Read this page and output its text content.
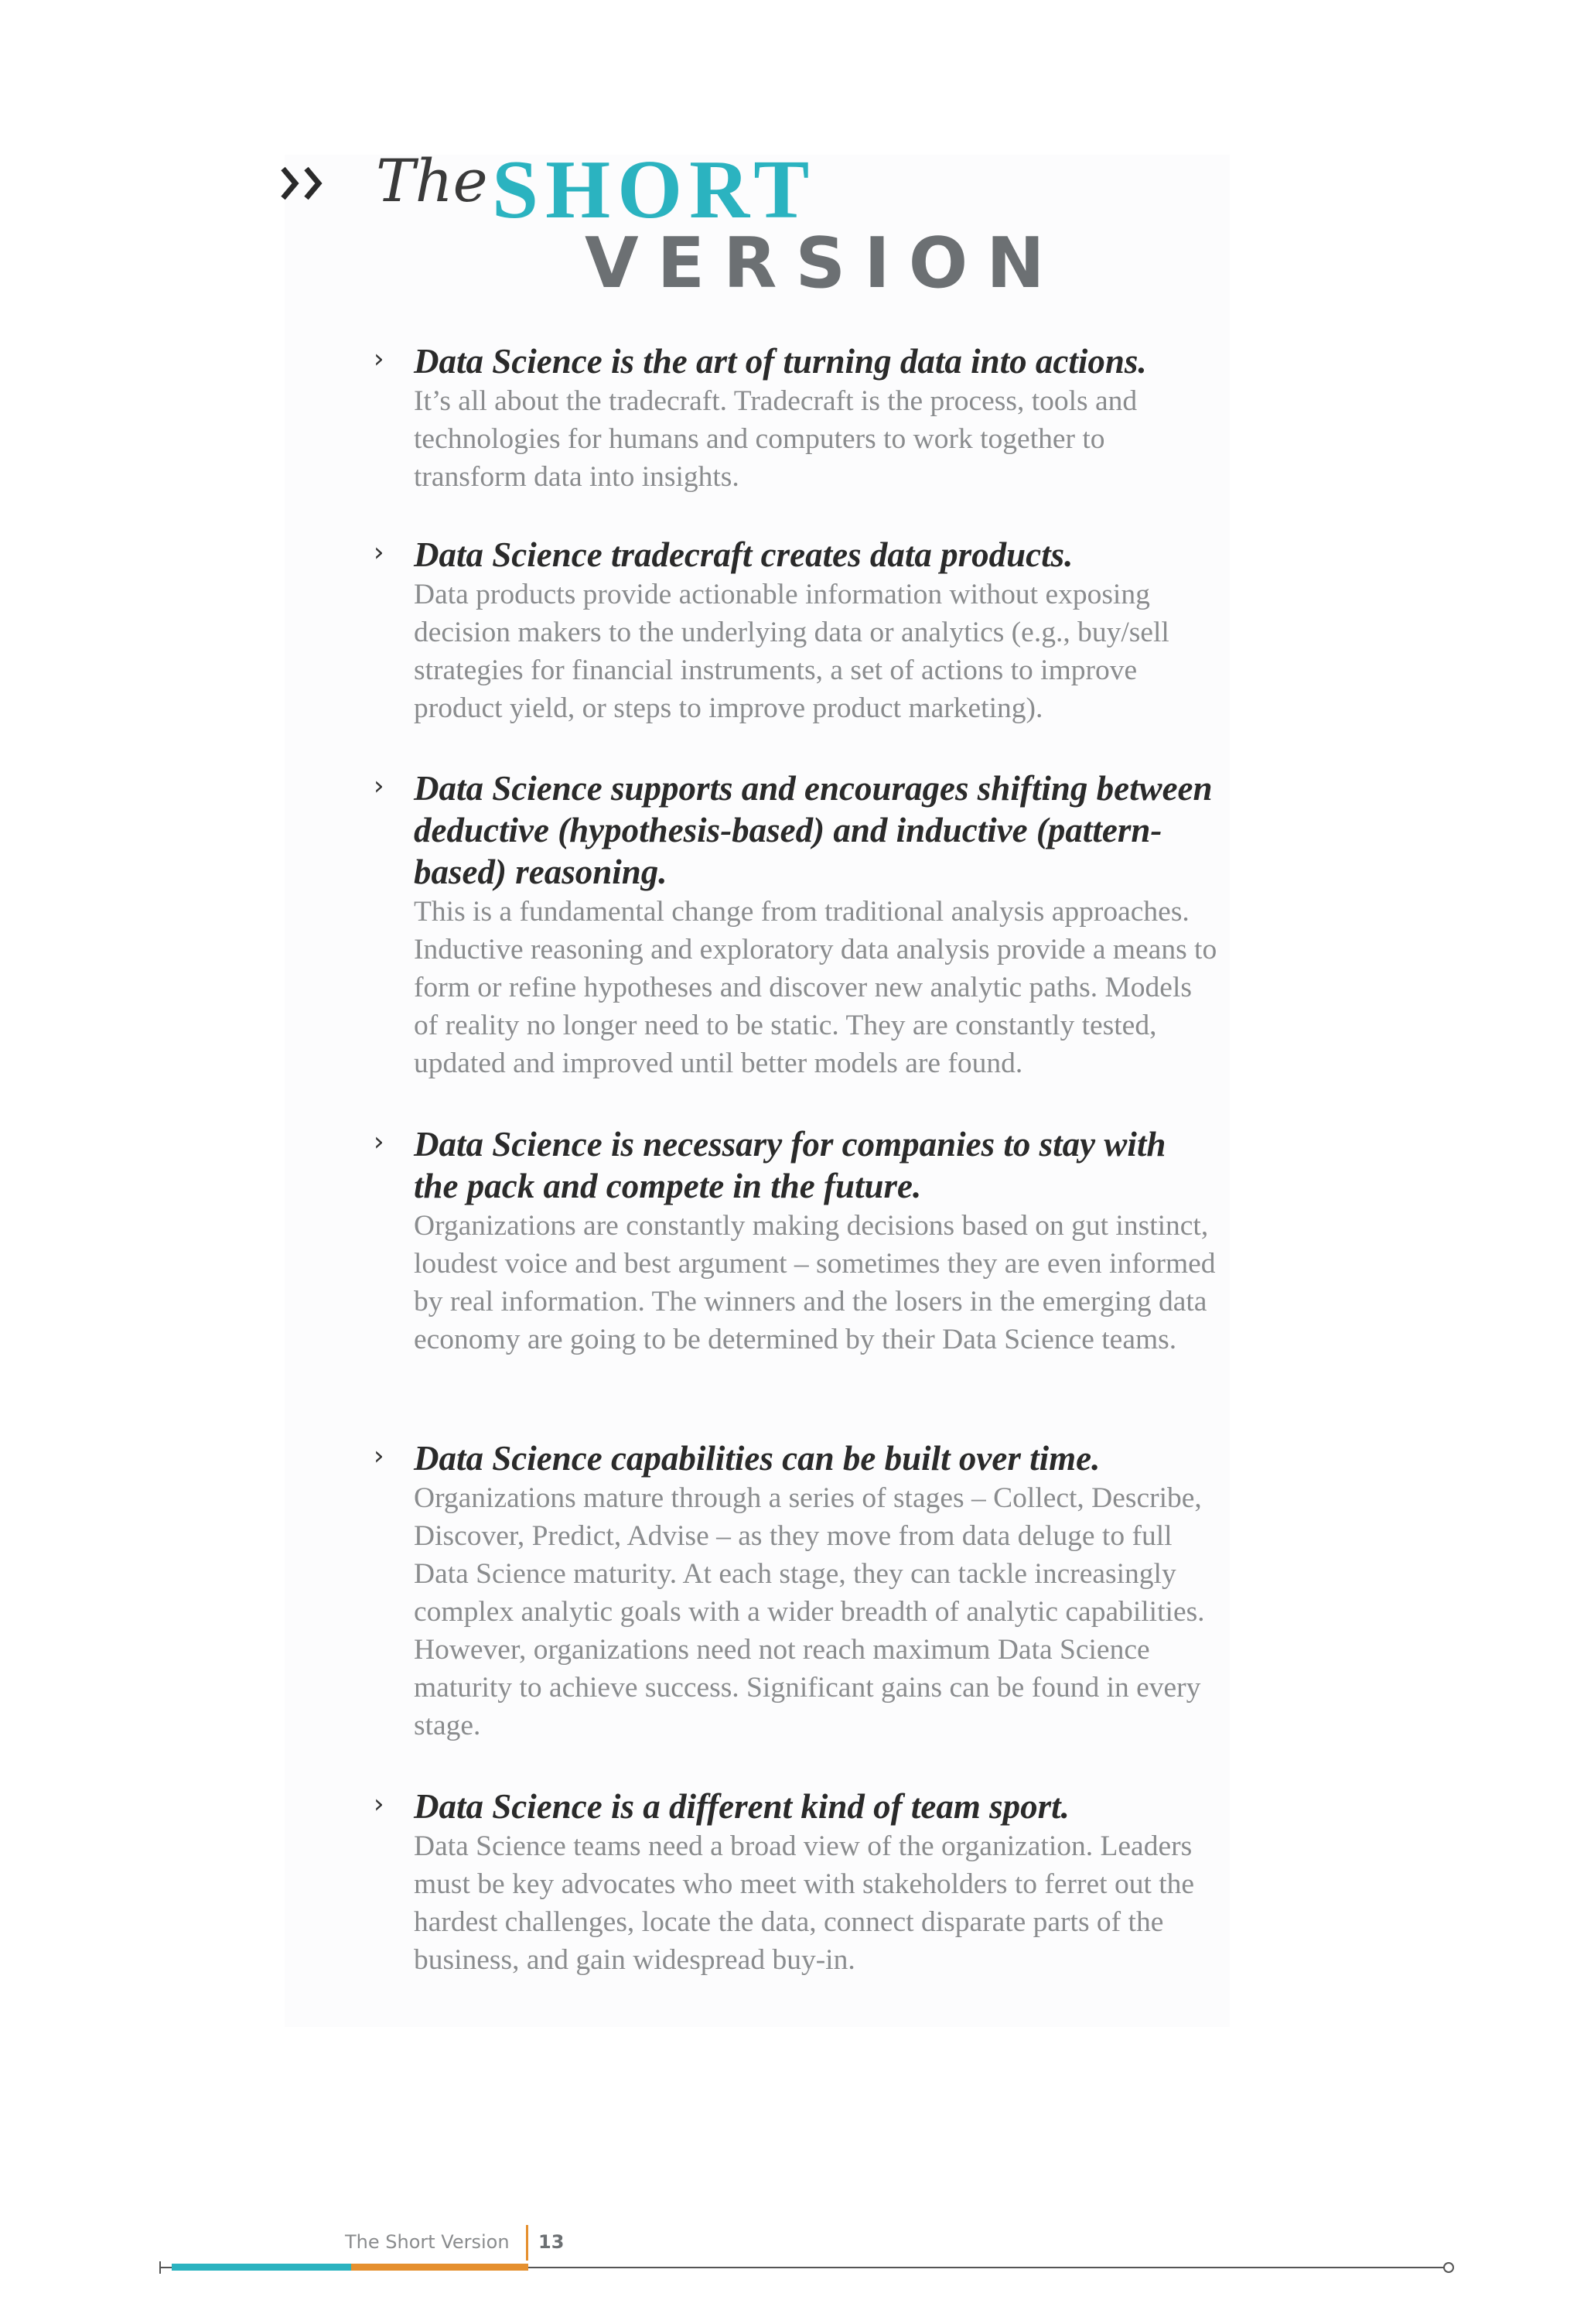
The SHORT
VERSION
› Data Science is the art of turning data into actions.

It’s all about the tradecraft. Tradecraft is the process, tools and technologies for humans and computers to work together to transform data into insights.

› Data Science tradecraft creates data products.

Data products provide actionable information without exposing decision makers to the underlying data or analytics (e.g., buy/sell strategies for financial instruments, a set of actions to improve product yield, or steps to improve product marketing).

› Data Science supports and encourages shifting between deductive (hypothesis-based) and inductive (pattern-based) reasoning.

This is a fundamental change from traditional analysis approaches. Inductive reasoning and exploratory data analysis provide a means to form or refine hypotheses and discover new analytic paths. Models of reality no longer need to be static. They are constantly tested, updated and improved until better models are found.

› Data Science is necessary for companies to stay with the pack and compete in the future.

Organizations are constantly making decisions based on gut instinct, loudest voice and best argument – sometimes they are even informed by real information. The winners and the losers in the emerging data economy are going to be determined by their Data Science teams.

› Data Science capabilities can be built over time.

Organizations mature through a series of stages – Collect, Describe, Discover, Predict, Advise – as they move from data deluge to full Data Science maturity. At each stage, they can tackle increasingly complex analytic goals with a wider breadth of analytic capabilities. However, organizations need not reach maximum Data Science maturity to achieve success. Significant gains can be found in every stage.

› Data Science is a different kind of team sport.

Data Science teams need a broad view of the organization. Leaders must be key advocates who meet with stakeholders to ferret out the hardest challenges, locate the data, connect disparate parts of the business, and gain widespread buy-in.

The Short Version 13
